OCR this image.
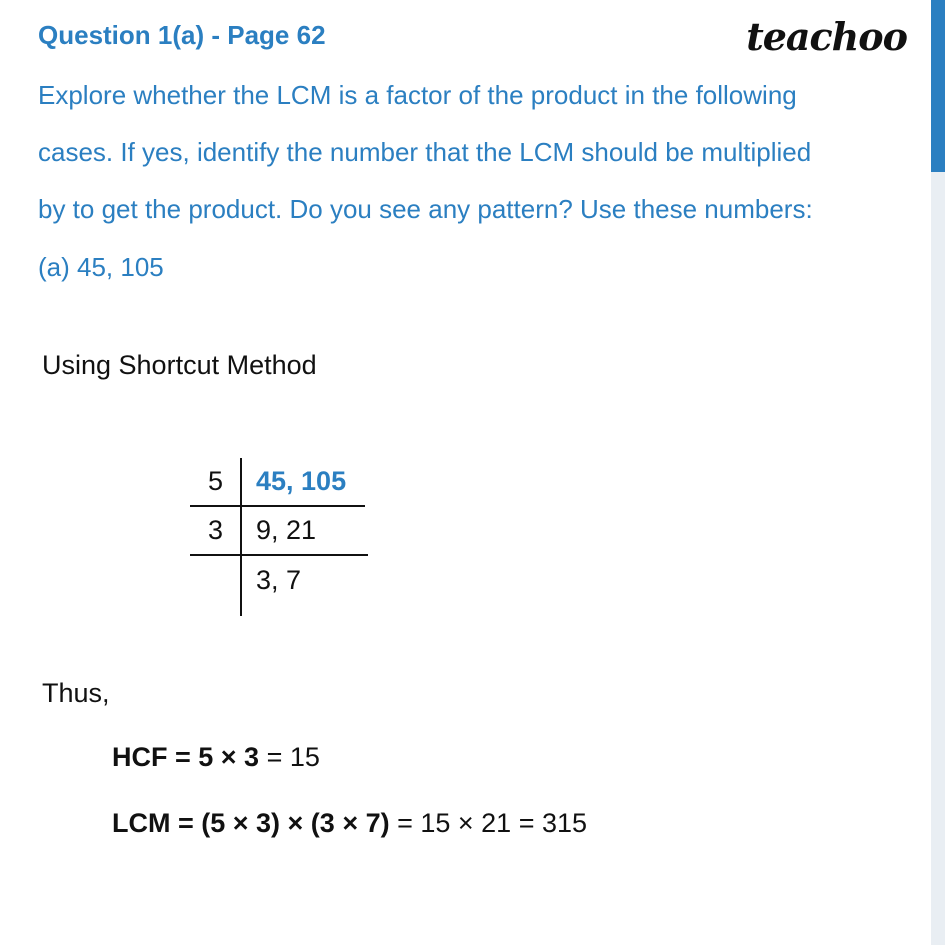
Question 1(a) - Page 62	teachoo
Explore whether the LCM is a factor of the product in the following
cases. If yes, identify the number that the LCM should be multiplied
by to get the product. Do you see any pattern? Use these numbers:
(a) 45, 105
Using Shortcut Method
5 45, 105
3 9, 21
3, 7
Thus,
HCF = 5 × 3 = 15
LCM = (5 × 3) × (3 × 7) = 15 × 21 = 315
